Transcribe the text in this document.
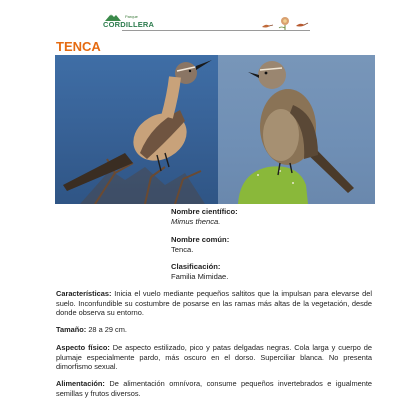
Parque
CORDILLERA
TENCA
Nombre científico:
Mimus thenca.
Nombre común:
Tenca.
Clasificación:
Familia Mimidae.
Características: Inicia el vuelo mediante pequeños saltitos que la impulsan para elevarse del suelo. Inconfundible su costumbre de posarse en las ramas más altas de la vegetación, desde donde observa su entorno.
Tamaño: 28 a 29 cm.
Aspecto físico: De aspecto estilizado, pico y patas delgadas negras. Cola larga y cuerpo de plumaje especialmente pardo, más oscuro en el dorso. Superciliar blanca. No presenta dimorfismo sexual.
Alimentación: De alimentación omnívora, consume pequeños invertebrados e igualmente semillas y frutos diversos.
